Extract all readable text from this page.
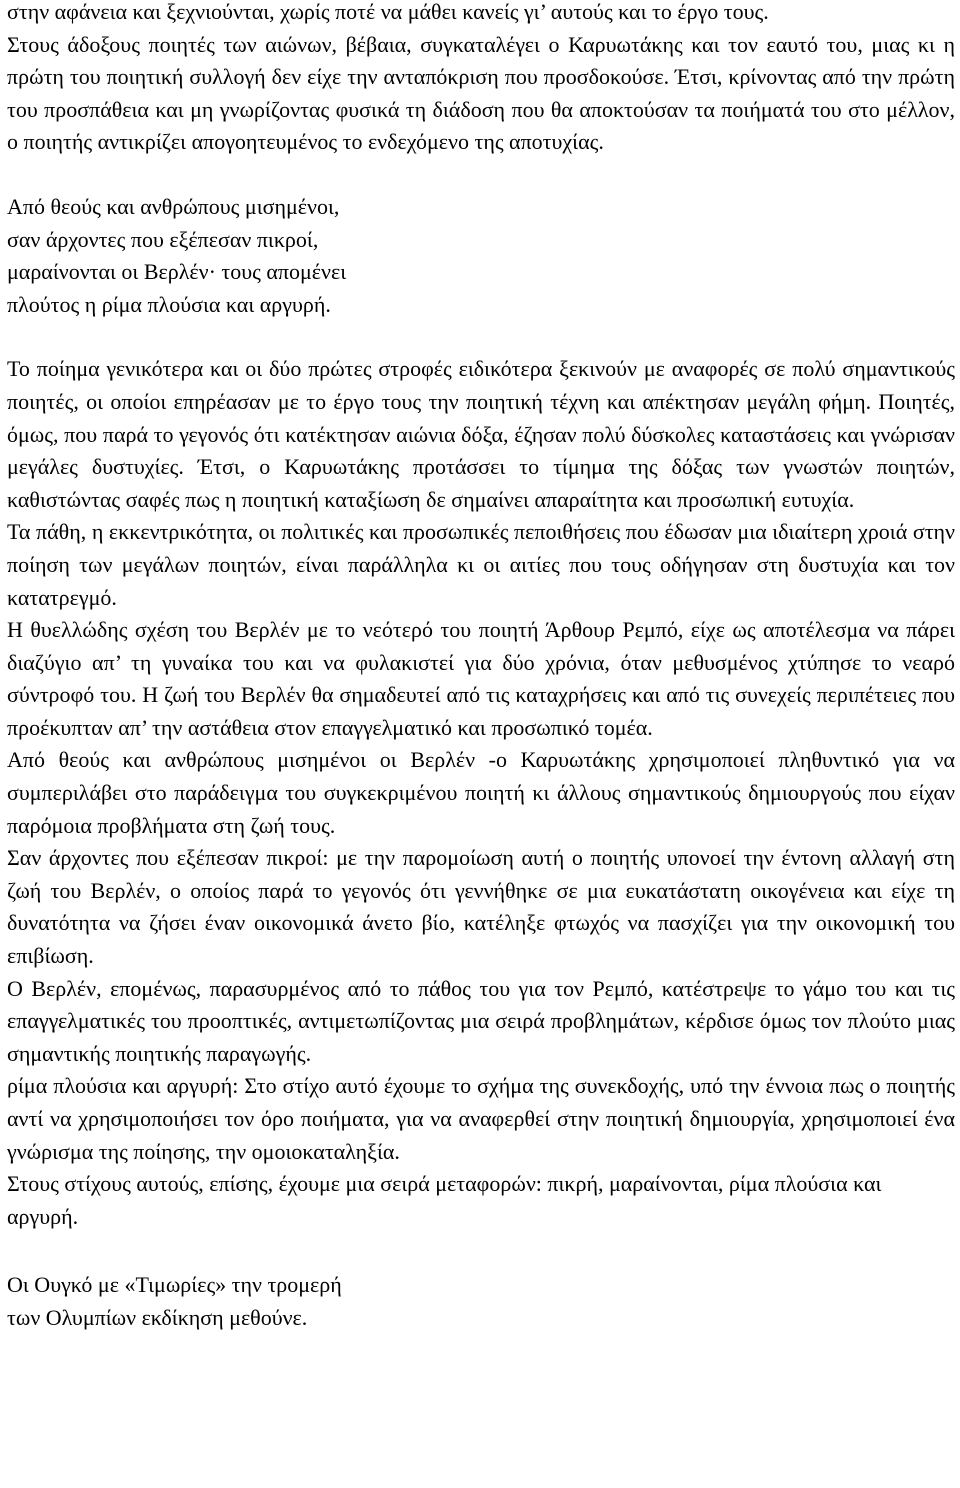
στην αφάνεια και ξεχνιούνται, χωρίς ποτέ να μάθει κανείς γι’ αυτούς και το έργο τους.

Στους άδοξους ποιητές των αιώνων, βέβαια, συγκαταλέγει ο Καρυωτάκης και τον εαυτό του, μιας κι η πρώτη του ποιητική συλλογή δεν είχε την ανταπόκριση που προσδοκούσε. Έτσι, κρίνοντας από την πρώτη του προσπάθεια και μη γνωρίζοντας φυσικά τη διάδοση που θα αποκτούσαν τα ποιήματά του στο μέλλον, ο ποιητής αντικρίζει απογοητευμένος το ενδεχόμενο της αποτυχίας.

Από θεούς και ανθρώπους μισημένοι,
σαν άρχοντες που εξέπεσαν πικροί,
μαραίνονται οι Βερλέν· τους απομένει
πλούτος η ρίμα πλούσια και αργυρή.

Το ποίημα γενικότερα και οι δύο πρώτες στροφές ειδικότερα ξεκινούν με αναφορές σε πολύ σημαντικούς ποιητές, οι οποίοι επηρέασαν με το έργο τους την ποιητική τέχνη και απέκτησαν μεγάλη φήμη. Ποιητές, όμως, που παρά το γεγονός ότι κατέκτησαν αιώνια δόξα, έζησαν πολύ δύσκολες καταστάσεις και γνώρισαν μεγάλες δυστυχίες. Έτσι, ο Καρυωτάκης προτάσσει το τίμημα της δόξας των γνωστών ποιητών, καθιστώντας σαφές πως η ποιητική καταξίωση δε σημαίνει απαραίτητα και προσωπική ευτυχία.

Τα πάθη, η εκκεντρικότητα, οι πολιτικές και προσωπικές πεποιθήσεις που έδωσαν μια ιδιαίτερη χροιά στην ποίηση των μεγάλων ποιητών, είναι παράλληλα κι οι αιτίες που τους οδήγησαν στη δυστυχία και τον κατατρεγμό.

Η θυελλώδης σχέση του Βερλέν με το νεότερό του ποιητή Άρθουρ Ρεμπό, είχε ως αποτέλεσμα να πάρει διαζύγιο απ’ τη γυναίκα του και να φυλακιστεί για δύο χρόνια, όταν μεθυσμένος χτύπησε το νεαρό σύντροφό του. Η ζωή του Βερλέν θα σημαδευτεί από τις καταχρήσεις και από τις συνεχείς περιπέτειες που προέκυπταν απ’ την αστάθεια στον επαγγελματικό και προσωπικό τομέα.

Από θεούς και ανθρώπους μισημένοι οι Βερλέν -ο Καρυωτάκης χρησιμοποιεί πληθυντικό για να συμπεριλάβει στο παράδειγμα του συγκεκριμένου ποιητή κι άλλους σημαντικούς δημιουργούς που είχαν παρόμοια προβλήματα στη ζωή τους.

Σαν άρχοντες που εξέπεσαν πικροί: με την παρομοίωση αυτή ο ποιητής υπονοεί την έντονη αλλαγή στη ζωή του Βερλέν, ο οποίος παρά το γεγονός ότι γεννήθηκε σε μια ευκατάστατη οικογένεια και είχε τη δυνατότητα να ζήσει έναν οικονομικά άνετο βίο, κατέληξε φτωχός να πασχίζει για την οικονομική του επιβίωση.

Ο Βερλέν, επομένως, παρασυρμένος από το πάθος του για τον Ρεμπό, κατέστρεψε το γάμο του και τις επαγγελματικές του προοπτικές, αντιμετωπίζοντας μια σειρά προβλημάτων, κέρδισε όμως τον πλούτο μιας σημαντικής ποιητικής παραγωγής.

ρίμα πλούσια και αργυρή: Στο στίχο αυτό έχουμε το σχήμα της συνεκδοχής, υπό την έννοια πως ο ποιητής αντί να χρησιμοποιήσει τον όρο ποιήματα, για να αναφερθεί στην ποιητική δημιουργία, χρησιμοποιεί ένα γνώρισμα της ποίησης, την ομοιοκαταληξία.

Στους στίχους αυτούς, επίσης, έχουμε μια σειρά μεταφορών: πικρή, μαραίνονται, ρίμα πλούσια και αργυρή.

Οι Ουγκό με «Τιμωρίες» την τρομερή
των Ολυμπίων εκδίκηση μεθούνε.
